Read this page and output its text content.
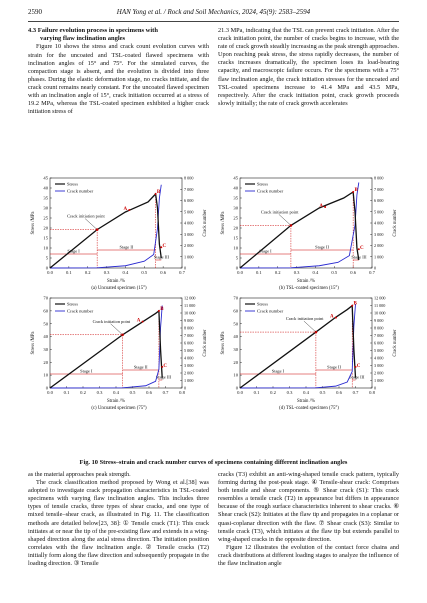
2590	HAN Yong et al. / Rock and Soil Mechanics, 2024, 45(9): 2583–2594
4.3 Failure evolution process in specimens with
varying flaw inclination angles

Figure 10 shows the stress and crack count evolution curves with strain for the uncoated and TSL-coated flawed specimens with inclination angles of 15° and 75°. For the simulated curves, the compaction stage is absent, and the evolution is divided into three phases. During the elastic deformation stage, no cracks initiate, and the crack count remains nearly constant. For the uncoated flawed specimen with an inclination angle of 15°, crack initiation occurred at a stress of 19.2 MPa, whereas the TSL-coated specimen exhibited a higher crack initiation stress of

21.3 MPa, indicating that the TSL can prevent crack initiation. After the crack initiation point, the number of cracks begins to increase, with the rate of crack growth steadily increasing as the peak strength approaches. Upon reaching peak stress, the stress rapidly decreases, the number of cracks increases dramatically, the specimen loses its load-bearing capacity, and macroscopic failure occurs. For the specimens with a 75° flaw inclination angle, the crack initiation stresses for the uncoated and TSL-coated specimens increase to 41.4 MPa and 43.5 MPa, respectively. After the crack initiation point, crack growth proceeds slowly initially; the rate of crack growth accelerates

0.0	0.1	0.2	0.3	0.4	0.5	0.6	0.7
0
5
10
15
20
25
30
35
40
45
0
1 000
2 000
3 000
4 000
5 000
6 000
7 000
8 000
Strain /%
Stress /MPa	Crack number
Stage I
Stage II
Stage III
Crack initiation point
A
B
C
Stress
Crack number
(a) Uncoated specimen (15°)
0.0	0.1	0.2	0.3	0.4	0.5	0.6	0.7
0
5
10
15
20
25
30
35
40
45
0
1 000
2 000
3 000
4 000
5 000
6 000
7 000
8 000
Strain /%
Stress /MPa	Crack number
Stage I
Stage II
Stage III
Crack initiation point
A
B
C
Stress
Crack number
(b) TSL-coated specimen (15°)
0.0 0.1 0.2 0.3 0.4 0.5 0.6 0.7 0.8
0
10
20
30
40
50
60
70
0
1 000
2 000
3 000
4 000
5 000
6 000
7 000
8 000
9 000
10 000
11 000
12 000
Strain /%
Stress /MPa	Crack number
Stage I
Stage II
Stage III
Crack initiation point A
B
C
Stress
Crack number
(c) Uncoated specimen (75°)
0.0 0.1 0.2 0.3 0.4 0.5 0.6 0.7 0.8
0
10
20
30
40
50
60
70
0
1 000
2 000
3 000
4 000
5 000
6 000
7 000
8 000
9 000
10 000
11 000
12 000
Strain /%
Stress /MPa	Crack number
Stage I
Stage II
Stage III
Crack initiation point A
B
C
Stress
Crack number
(d) TSL-coated specimen (75°)
Fig. 10 Stress–strain and crack number curves of specimens containing different inclination angles

as the material approaches peak strength.

The crack classification method proposed by Wong et al.[38] was adopted to investigate crack propagation characteristics in TSL-coated specimens with varying flaw inclination angles. This includes three types of tensile cracks, three types of shear cracks, and one type of mixed tensile–shear crack, as illustrated in Fig. 11. The classification methods are detailed below[23, 38]: ① Tensile crack (T1): This crack initiates at or near the tip of the pre-existing flaw and extends in a wing-shaped direction along the axial stress direction. The initiation position correlates with the flaw inclination angle. ② Tensile cracks (T2) initially form along the flaw direction and subsequently propagate in the loading direction. ③ Tensile

cracks (T3) exhibit an anti-wing-shaped tensile crack pattern, typically forming during the post-peak stage. ④ Tensile-shear crack: Comprises both tensile and shear components. ⑤ Shear crack (S1): This crack resembles a tensile crack (T2) in appearance but differs in appearance because of the rough surface characteristics inherent to shear cracks. ⑥ Shear crack (S2): Initiates at the flaw tip and propagates in a coplanar or quasi-coplanar direction with the flaw. ⑦ Shear crack (S3): Similar to tensile crack (T3), which initiates at the flaw tip but extends parallel to wing-shaped cracks in the opposite direction.

Figure 12 illustrates the evolution of the contact force chains and crack distributions at different loading stages to analyze the influence of the flaw inclination angle
